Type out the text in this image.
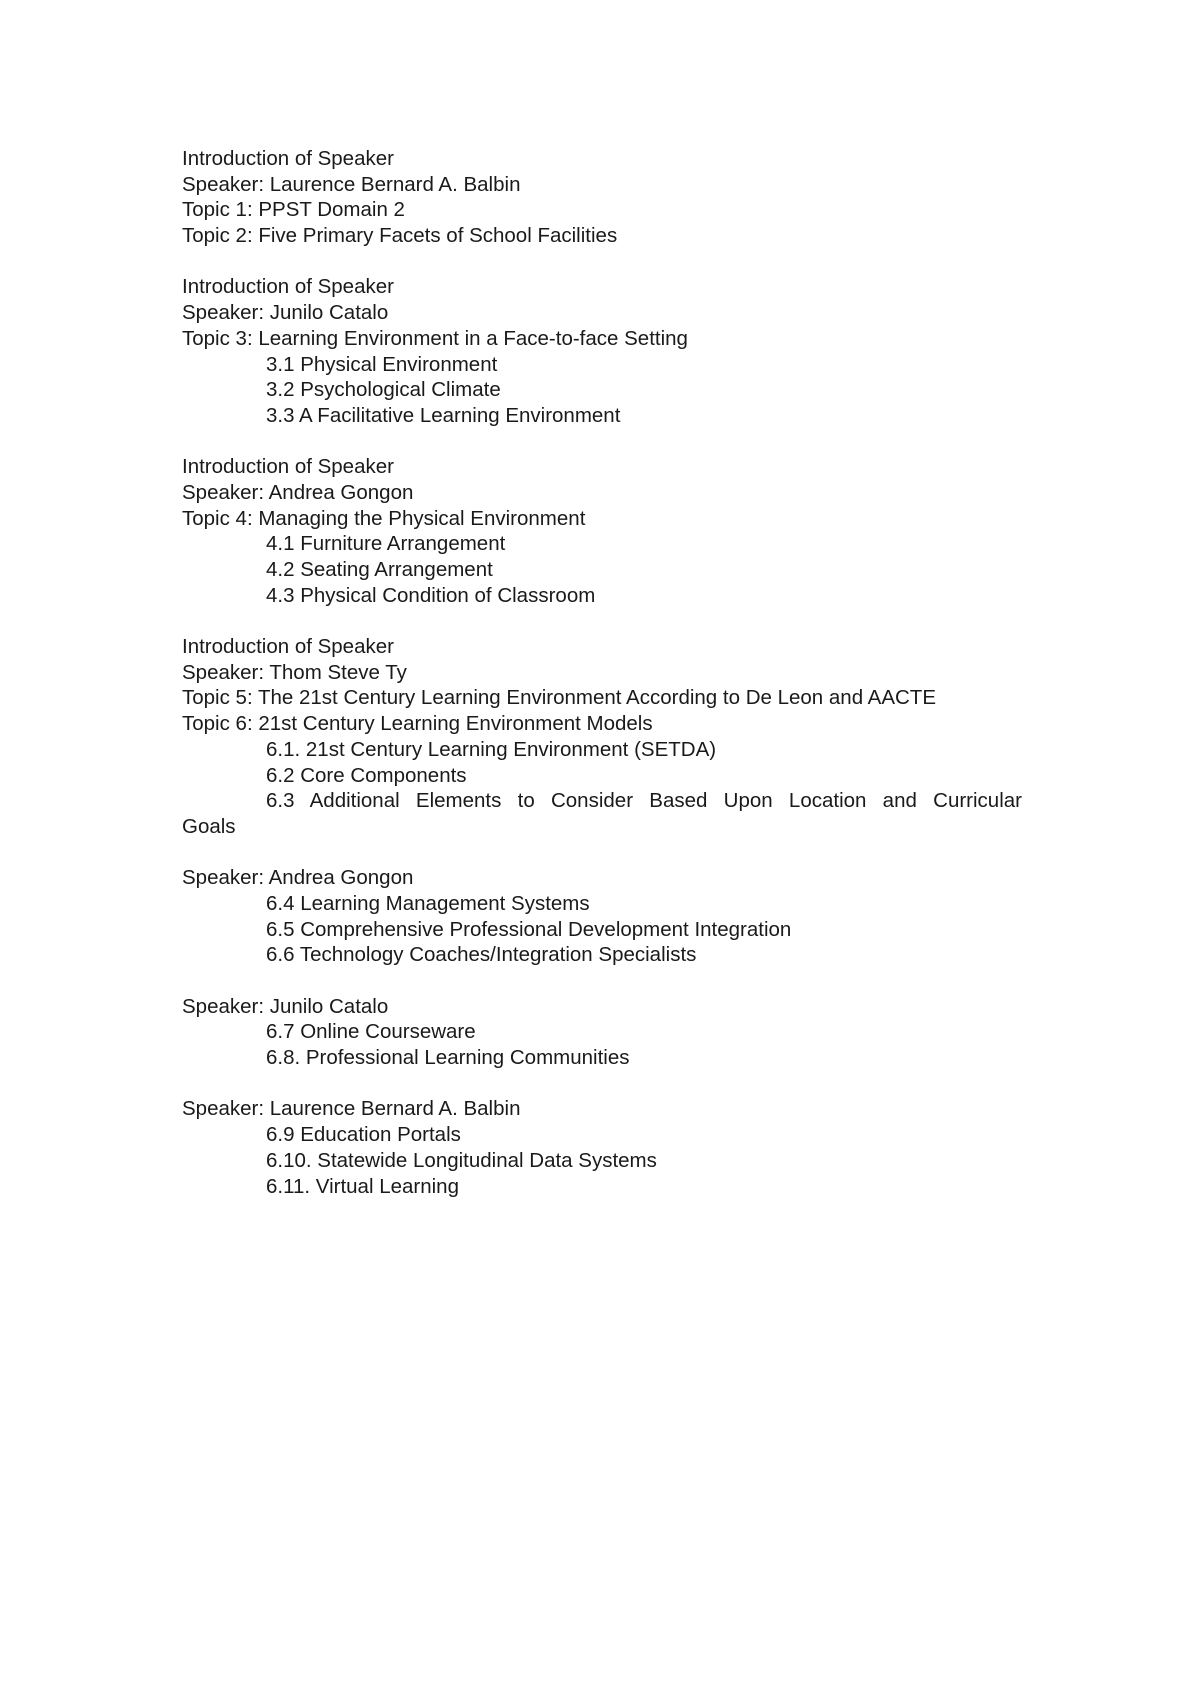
Introduction of Speaker
Speaker: Laurence Bernard A. Balbin
Topic 1: PPST Domain 2
Topic 2: Five Primary Facets of School Facilities
Introduction of Speaker
Speaker: Junilo Catalo
Topic 3: Learning Environment in a Face-to-face Setting
3.1 Physical Environment
3.2 Psychological Climate
3.3 A Facilitative Learning Environment
Introduction of Speaker
Speaker: Andrea Gongon
Topic 4: Managing the Physical Environment
4.1 Furniture Arrangement
4.2 Seating Arrangement
4.3 Physical Condition of Classroom
Introduction of Speaker
Speaker: Thom Steve Ty
Topic 5: The 21st Century Learning Environment According to De Leon and AACTE
Topic 6: 21st Century Learning Environment Models
6.1. 21st Century Learning Environment (SETDA)
6.2 Core Components
6.3 Additional Elements to Consider Based Upon Location and Curricular
Goals
Speaker: Andrea Gongon
6.4 Learning Management Systems
6.5 Comprehensive Professional Development Integration
6.6 Technology Coaches/Integration Specialists
Speaker: Junilo Catalo
6.7 Online Courseware
6.8. Professional Learning Communities
Speaker: Laurence Bernard A. Balbin
6.9 Education Portals
6.10. Statewide Longitudinal Data Systems
6.11. Virtual Learning
